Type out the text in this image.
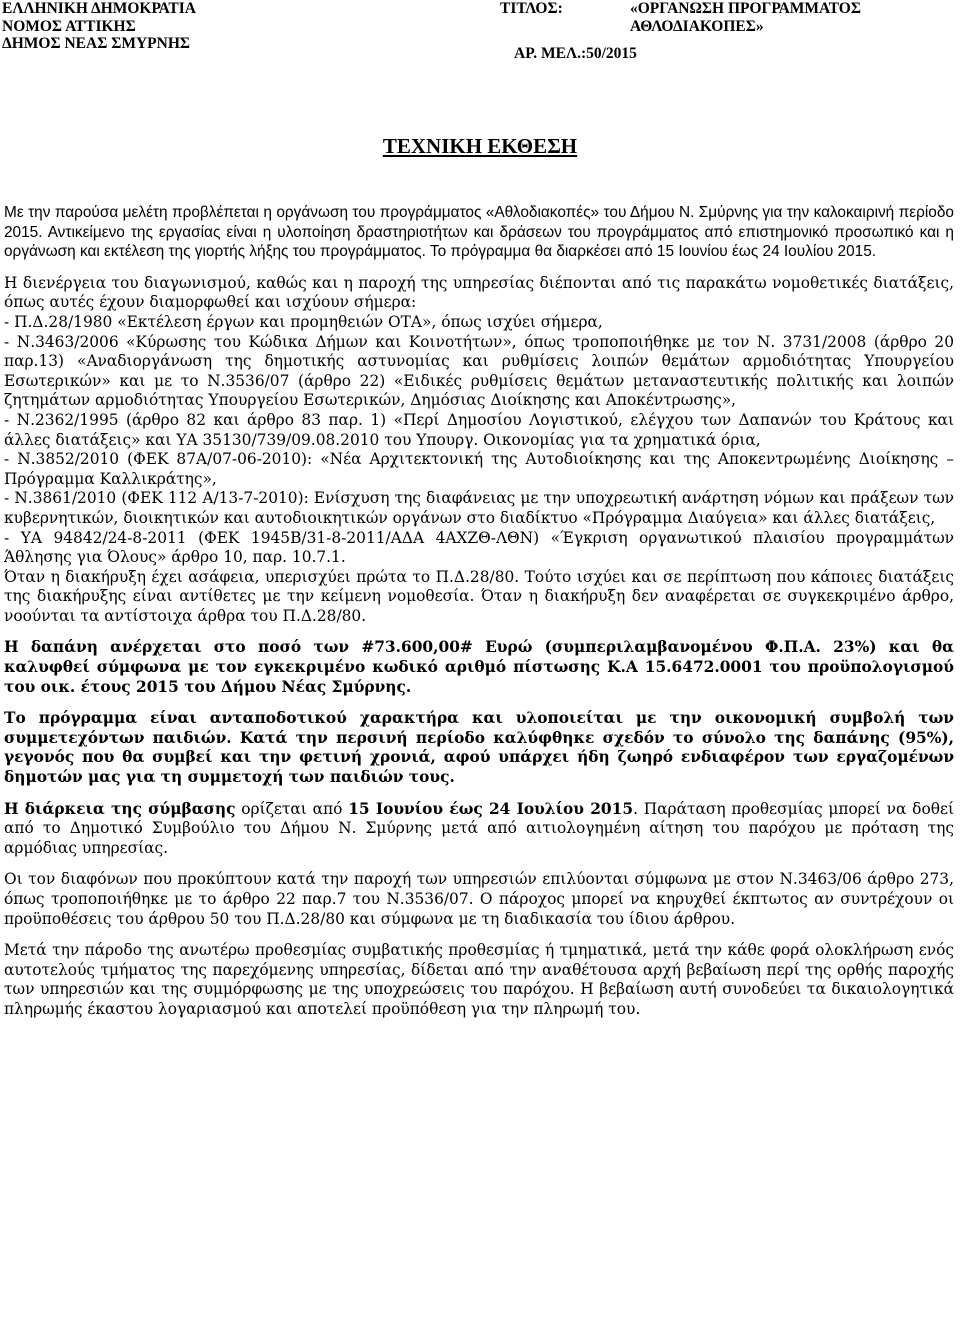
ΕΛΛΗΝΙΚΗ ΔΗΜΟΚΡΑΤΙΑ
ΝΟΜΟΣ ΑΤΤΙΚΗΣ
ΔΗΜΟΣ ΝΕΑΣ ΣΜΥΡΝΗΣ
ΤΙΤΛΟΣ:	«ΟΡΓΑΝΩΣΗ ΠΡΟΓΡΑΜΜΑΤΟΣ
ΑΘΛΟΔΙΑΚΟΠΕΣ»
ΑΡ. ΜΕΛ.:50/2015
ΤΕΧΝΙΚΗ ΕΚΘΕΣΗ

Με την παρούσα μελέτη προβλέπεται η οργάνωση του προγράμματος «Αθλοδιακοπές» του Δήμου Ν. Σμύρνης για την καλοκαιρινή περίοδο 2015. Αντικείμενο της εργασίας είναι η υλοποίηση δραστηριοτήτων και δράσεων του προγράμματος από επιστημονικό προσωπικό και η οργάνωση και εκτέλεση της γιορτής λήξης του προγράμματος. Το πρόγραμμα θα διαρκέσει από 15 Ιουνίου έως 24 Ιουλίου 2015.

Η διενέργεια του διαγωνισμού, καθώς και η παροχή της υπηρεσίας διέπονται από τις παρακάτω νομοθετικές διατάξεις, όπως αυτές έχουν διαμορφωθεί και ισχύουν σήμερα:

- Π.Δ.28/1980 «Εκτέλεση έργων και προμηθειών ΟΤΑ», όπως ισχύει σήμερα,

- Ν.3463/2006 «Κύρωσης του Κώδικα Δήμων και Κοινοτήτων», όπως τροποποιήθηκε με τον Ν. 3731/2008 (άρθρο 20 παρ.13) «Αναδιοργάνωση της δημοτικής αστυνομίας και ρυθμίσεις λοιπών θεμάτων αρμοδιότητας Υπουργείου Εσωτερικών» και με το Ν.3536/07 (άρθρο 22) «Ειδικές ρυθμίσεις θεμάτων μεταναστευτικής πολιτικής και λοιπών ζητημάτων αρμοδιότητας Υπουργείου Εσωτερικών, Δημόσιας Διοίκησης και Αποκέντρωσης»,

- Ν.2362/1995 (άρθρο 82 και άρθρο 83 παρ. 1) «Περί Δημοσίου Λογιστικού, ελέγχου των Δαπανών του Κράτους και άλλες διατάξεις» και ΥΑ 35130/739/09.08.2010 του Υπουργ. Οικονομίας για τα χρηματικά όρια,

- Ν.3852/2010 (ΦΕΚ 87Α/07-06-2010): «Νέα Αρχιτεκτονική της Αυτοδιοίκησης και της Αποκεντρωμένης Διοίκησης – Πρόγραμμα Καλλικράτης»,

- Ν.3861/2010 (ΦΕΚ 112 Α/13-7-2010): Ενίσχυση της διαφάνειας με την υποχρεωτική ανάρτηση νόμων και πράξεων των κυβερνητικών, διοικητικών και αυτοδιοικητικών οργάνων στο διαδίκτυο «Πρόγραμμα Διαύγεια» και άλλες διατάξεις,

- ΥΑ 94842/24-8-2011 (ΦΕΚ 1945Β/31-8-2011/ΑΔΑ 4ΑΧΖΘ-ΛΘΝ) «Έγκριση οργανωτικού πλαισίου προγραμμάτων Άθλησης για Όλους» άρθρο 10, παρ. 10.7.1.

Όταν η διακήρυξη έχει ασάφεια, υπερισχύει πρώτα το Π.Δ.28/80. Τούτο ισχύει και σε περίπτωση που κάποιες διατάξεις της διακήρυξης είναι αντίθετες με την κείμενη νομοθεσία. Όταν η διακήρυξη δεν αναφέρεται σε συγκεκριμένο άρθρο, νοούνται τα αντίστοιχα άρθρα του Π.Δ.28/80.

Η δαπάνη ανέρχεται στο ποσό των #73.600,00# Ευρώ (συμπεριλαμβανομένου Φ.Π.Α. 23%) και θα καλυφθεί σύμφωνα με τον εγκεκριμένο κωδικό αριθμό πίστωσης Κ.Α 15.6472.0001 του προϋπολογισμού του οικ. έτους 2015 του Δήμου Νέας Σμύρνης.

Το πρόγραμμα είναι ανταποδοτικού χαρακτήρα και υλοποιείται με την οικονομική συμβολή των συμμετεχόντων παιδιών. Κατά την περσινή περίοδο καλύφθηκε σχεδόν το σύνολο της δαπάνης (95%), γεγονός που θα συμβεί και την φετινή χρονιά, αφού υπάρχει ήδη ζωηρό ενδιαφέρον των εργαζομένων δημοτών μας για τη συμμετοχή των παιδιών τους.

Η διάρκεια της σύμβασης ορίζεται από 15 Ιουνίου έως 24 Ιουλίου 2015. Παράταση προθεσμίας μπορεί να δοθεί από το Δημοτικό Συμβούλιο του Δήμου Ν. Σμύρνης μετά από αιτιολογημένη αίτηση του παρόχου με πρόταση της αρμόδιας υπηρεσίας.

Οι τον διαφόνων που προκύπτουν κατά την παροχή των υπηρεσιών επιλύονται σύμφωνα με στον Ν.3463/06 άρθρο 273, όπως τροποποιήθηκε με το άρθρο 22 παρ.7 του Ν.3536/07. Ο πάροχος μπορεί να κηρυχθεί έκπτωτος αν συντρέχουν οι προϋποθέσεις του άρθρου 50 του Π.Δ.28/80 και σύμφωνα με τη διαδικασία του ίδιου άρθρου.

Μετά την πάροδο της ανωτέρω προθεσμίας συμβατικής προθεσμίας ή τμηματικά, μετά την κάθε φορά ολοκλήρωση ενός αυτοτελούς τμήματος της παρεχόμενης υπηρεσίας, δίδεται από την αναθέτουσα αρχή βεβαίωση περί της ορθής παροχής των υπηρεσιών και της συμμόρφωσης με της υποχρεώσεις του παρόχου. Η βεβαίωση αυτή συνοδεύει τα δικαιολογητικά πληρωμής έκαστου λογαριασμού και αποτελεί προϋπόθεση για την πληρωμή του.
